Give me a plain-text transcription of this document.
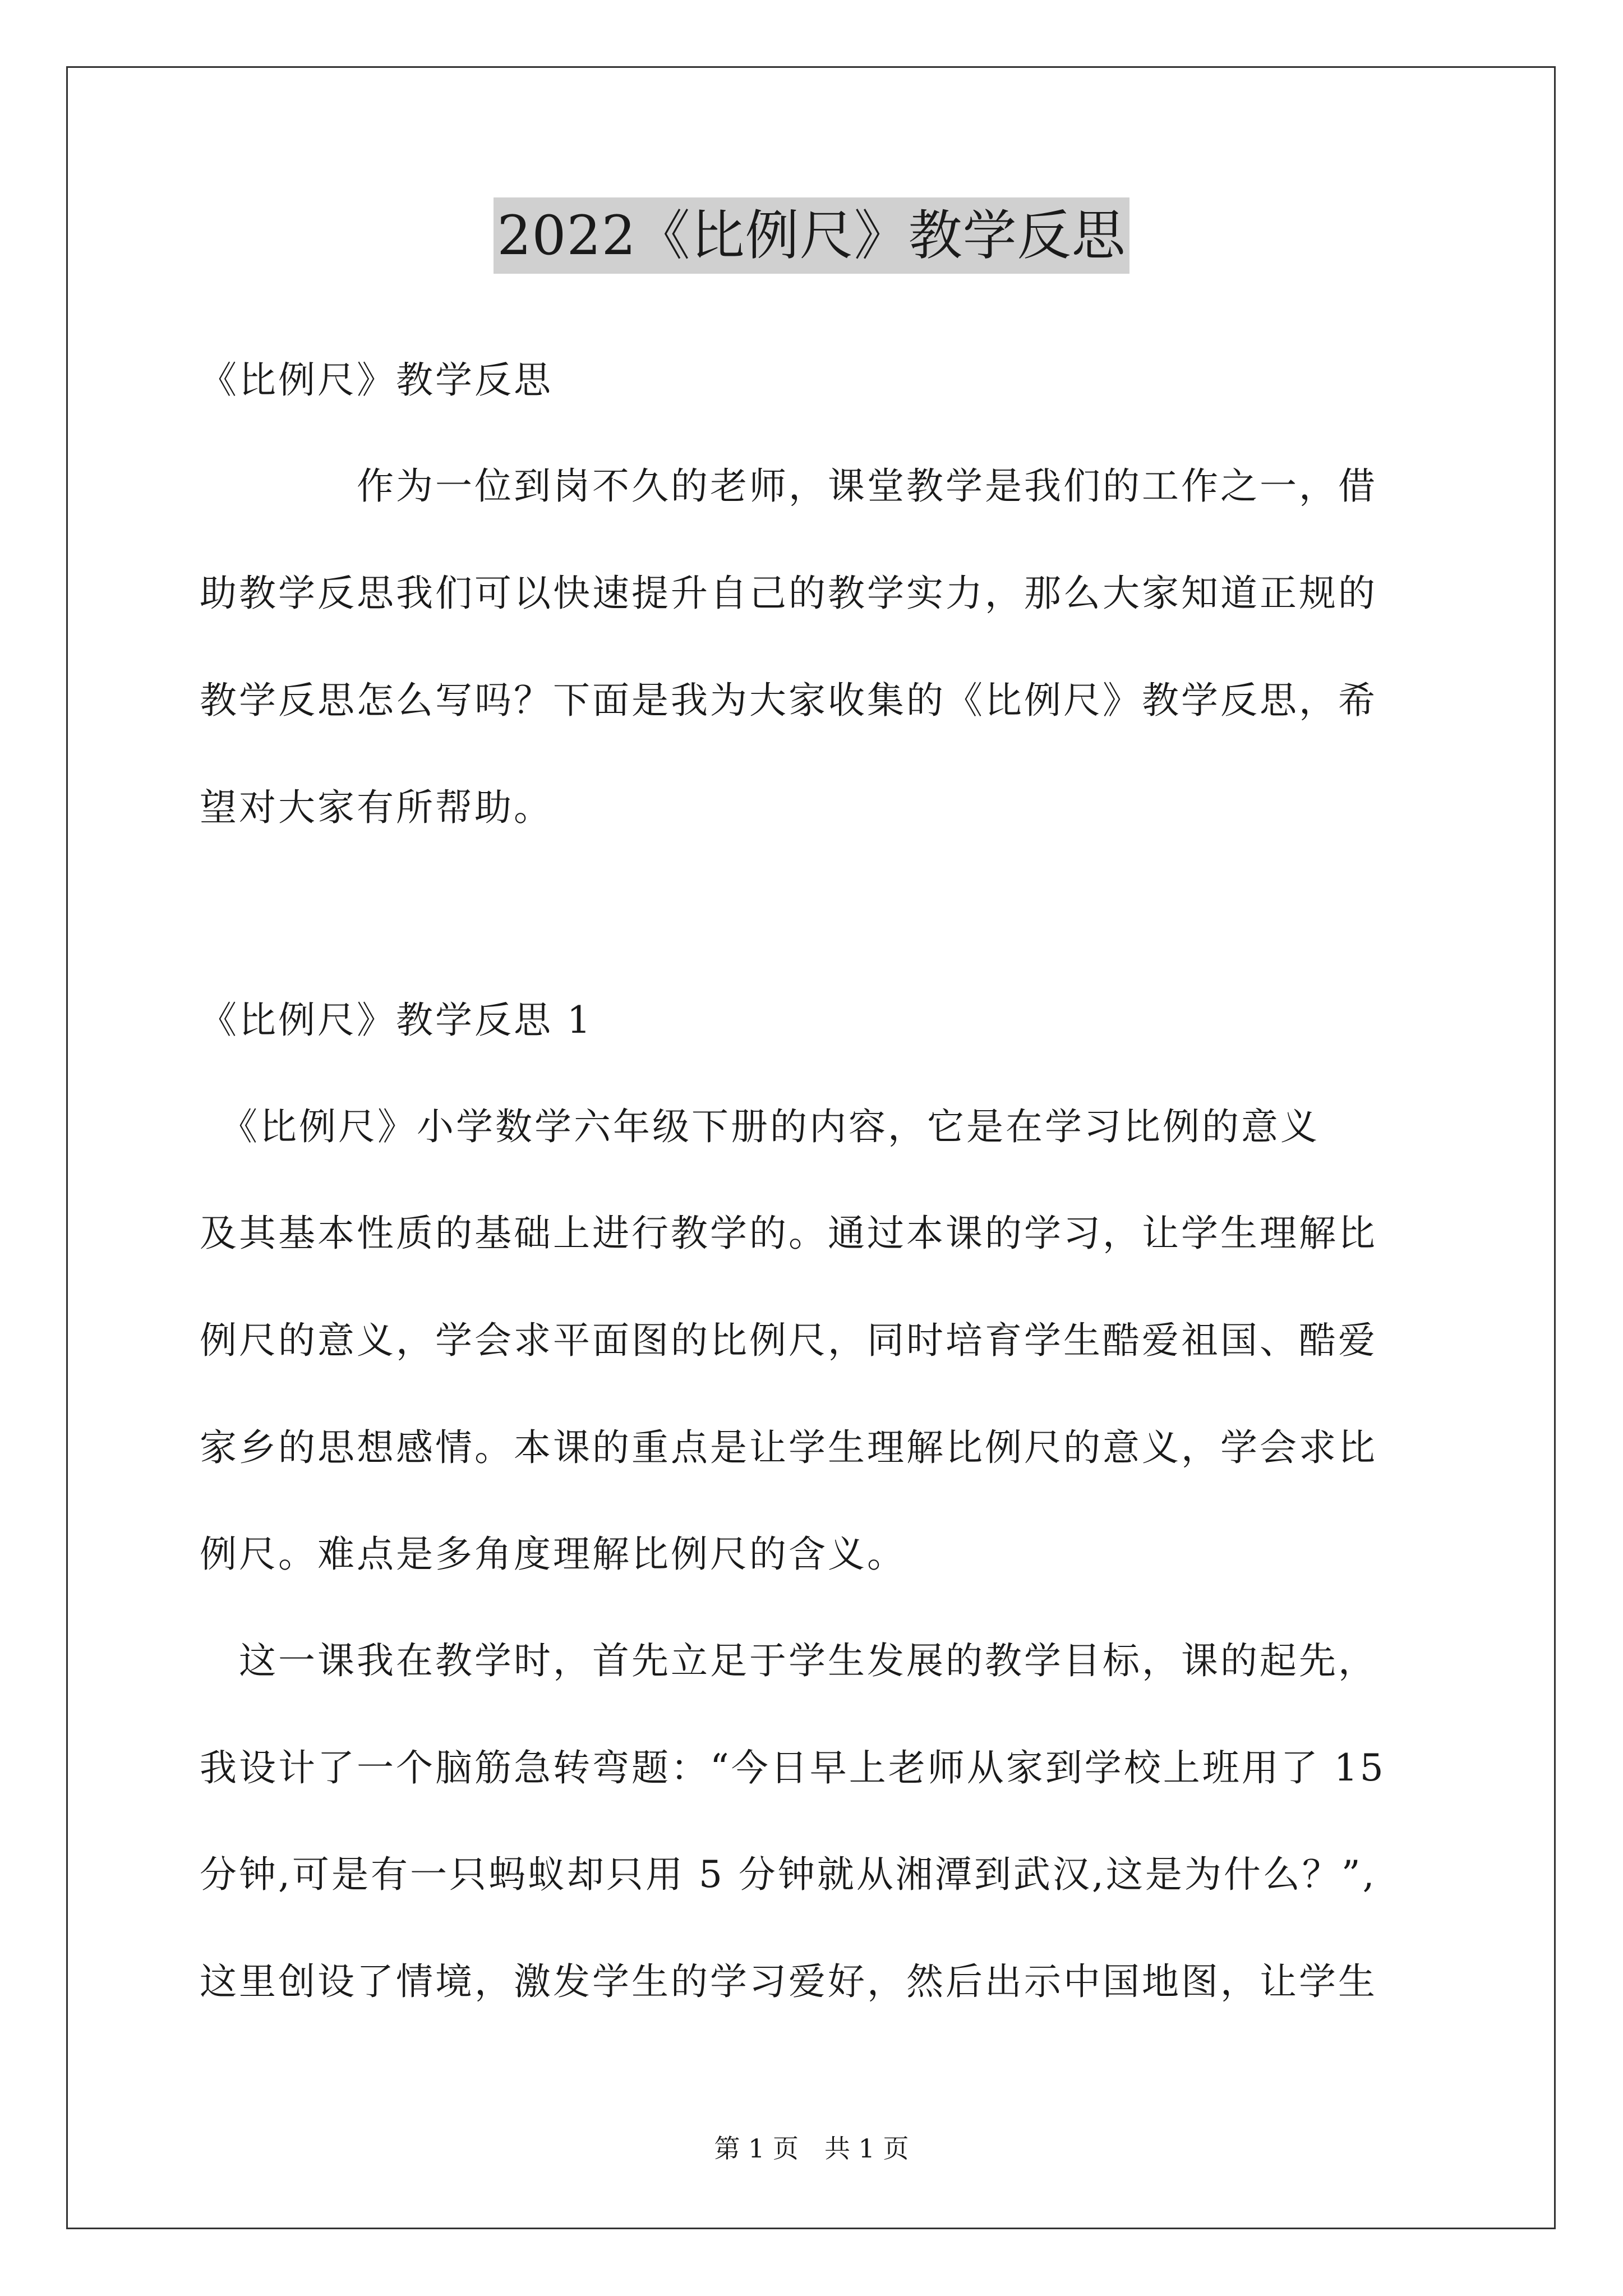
2022《比例尺》教学反思

《比例尺》教学反思

　　　　作为一位到岗不久的老师，课堂教学是我们的工作之一，借

助教学反思我们可以快速提升自己的教学实力，那么大家知道正规的

教学反思怎么写吗？下面是我为大家收集的《比例尺》教学反思，希

望对大家有所帮助。

《比例尺》教学反思 1

　《比例尺》小学数学六年级下册的内容，它是在学习比例的意义

及其基本性质的基础上进行教学的。通过本课的学习，让学生理解比

例尺的意义，学会求平面图的比例尺，同时培育学生酷爱祖国、酷爱

家乡的思想感情。本课的重点是让学生理解比例尺的意义，学会求比

例尺。难点是多角度理解比例尺的含义。

　这一课我在教学时，首先立足于学生发展的教学目标，课的起先，

我设计了一个脑筋急转弯题：“今日早上老师从家到学校上班用了 15

分钟,可是有一只蚂蚁却只用 5 分钟就从湘潭到武汉,这是为什么？”,

这里创设了情境，激发学生的学习爱好，然后出示中国地图，让学生

第 1 页　共 1 页
